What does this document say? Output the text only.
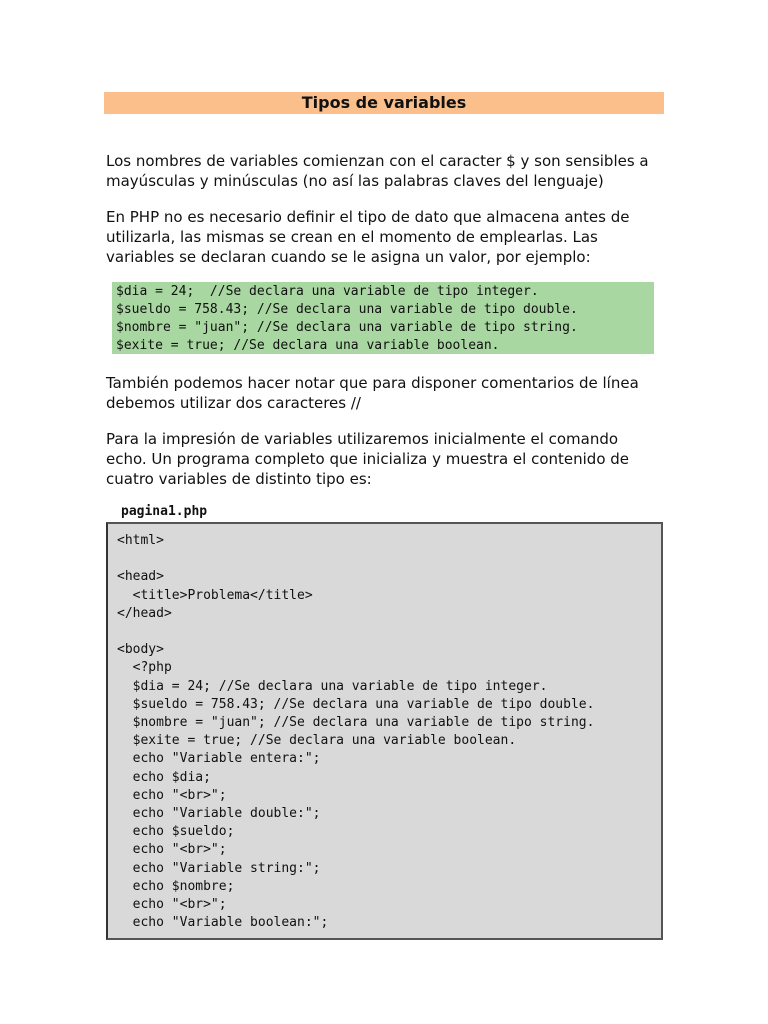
Tipos de variables
Los nombres de variables comienzan con el caracter $ y son sensibles a
mayúsculas y minúsculas (no así las palabras claves del lenguaje)
En PHP no es necesario definir el tipo de dato que almacena antes de
utilizarla, las mismas se crean en el momento de emplearlas. Las
variables se declaran cuando se le asigna un valor, por ejemplo:
$dia = 24;  //Se declara una variable de tipo integer.
$sueldo = 758.43; //Se declara una variable de tipo double.
$nombre = "juan"; //Se declara una variable de tipo string.
$exite = true; //Se declara una variable boolean.
También podemos hacer notar que para disponer comentarios de línea
debemos utilizar dos caracteres //
Para la impresión de variables utilizaremos inicialmente el comando
echo. Un programa completo que inicializa y muestra el contenido de
cuatro variables de distinto tipo es:
pagina1.php
<html>
<head>
<title>Problema</title>
</head>
<body>
<?php
$dia = 24; //Se declara una variable de tipo integer.
$sueldo = 758.43; //Se declara una variable de tipo double.
$nombre = "juan"; //Se declara una variable de tipo string.
$exite = true; //Se declara una variable boolean.
echo "Variable entera:";
echo $dia;
echo "<br>";
echo "Variable double:";
echo $sueldo;
echo "<br>";
echo "Variable string:";
echo $nombre;
echo "<br>";
echo "Variable boolean:";
